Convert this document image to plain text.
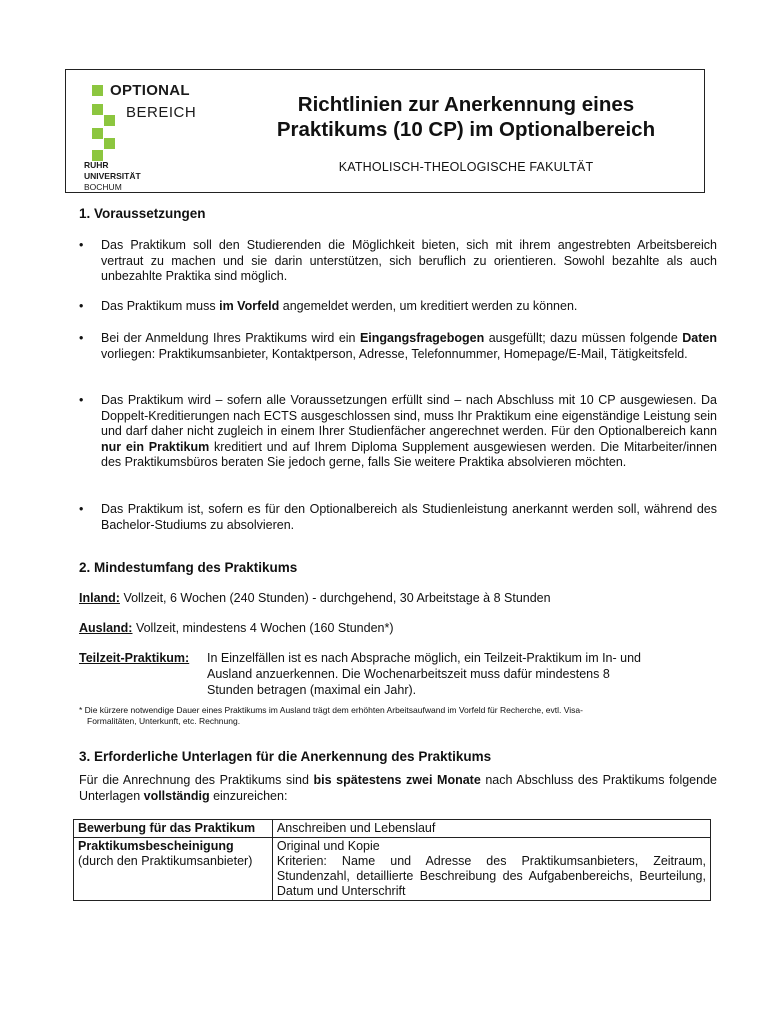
OPTIONAL
BEREICH
RUHR
UNIVERSITÄT
BOCHUM
Richtlinien zur Anerkennung eines
Praktikums (10 CP) im Optionalbereich
KATHOLISCH-THEOLOGISCHE FAKULTÄT
1. Voraussetzungen
• Das Praktikum soll den Studierenden die Möglichkeit bieten, sich mit ihrem angestrebten Arbeitsbereich vertraut zu machen und sie darin unterstützen, sich beruflich zu orientieren. Sowohl bezahlte als auch unbezahlte Praktika sind möglich.
• Das Praktikum muss im Vorfeld angemeldet werden, um kreditiert werden zu können.
• Bei der Anmeldung Ihres Praktikums wird ein Eingangsfragebogen ausgefüllt; dazu müssen folgende Daten vorliegen: Praktikumsanbieter, Kontaktperson, Adresse, Telefonnummer, Homepage/E-Mail, Tätigkeitsfeld.
• Das Praktikum wird – sofern alle Voraussetzungen erfüllt sind – nach Abschluss mit 10 CP ausgewiesen. Da Doppelt-Kreditierungen nach ECTS ausgeschlossen sind, muss Ihr Praktikum eine eigenständige Leistung sein und darf daher nicht zugleich in einem Ihrer Studienfächer angerechnet werden. Für den Optionalbereich kann nur ein Praktikum kreditiert und auf Ihrem Diploma Supplement ausgewiesen werden. Die Mitarbeiter/innen des Praktikumsbüros beraten Sie jedoch gerne, falls Sie weitere Praktika absolvieren möchten.
• Das Praktikum ist, sofern es für den Optionalbereich als Studienleistung anerkannt werden soll, während des Bachelor-Studiums zu absolvieren.
2. Mindestumfang des Praktikums
Inland: Vollzeit, 6 Wochen (240 Stunden) - durchgehend, 30 Arbeitstage à 8 Stunden
Ausland: Vollzeit, mindestens 4 Wochen (160 Stunden*)
Teilzeit-Praktikum: In Einzelfällen ist es nach Absprache möglich, ein Teilzeit-Praktikum im In- und
Ausland anzuerkennen. Die Wochenarbeitszeit muss dafür mindestens 8
Stunden betragen (maximal ein Jahr).
* Die kürzere notwendige Dauer eines Praktikums im Ausland trägt dem erhöhten Arbeitsaufwand im Vorfeld für Recherche, evtl. Visa-
Formalitäten, Unterkunft, etc. Rechnung.
3. Erforderliche Unterlagen für die Anerkennung des Praktikums
Für die Anrechnung des Praktikums sind bis spätestens zwei Monate nach Abschluss des Praktikums folgende Unterlagen vollständig einzureichen:
Bewerbung für das Praktikum	Anschreiben und Lebenslauf
Praktikumsbescheinigung
(durch den Praktikumsanbieter)	Original und Kopie
Kriterien: Name und Adresse des Praktikumsanbieters, Zeitraum, Stundenzahl, detaillierte Beschreibung des Aufgabenbereichs, Beurteilung, Datum und Unterschrift
